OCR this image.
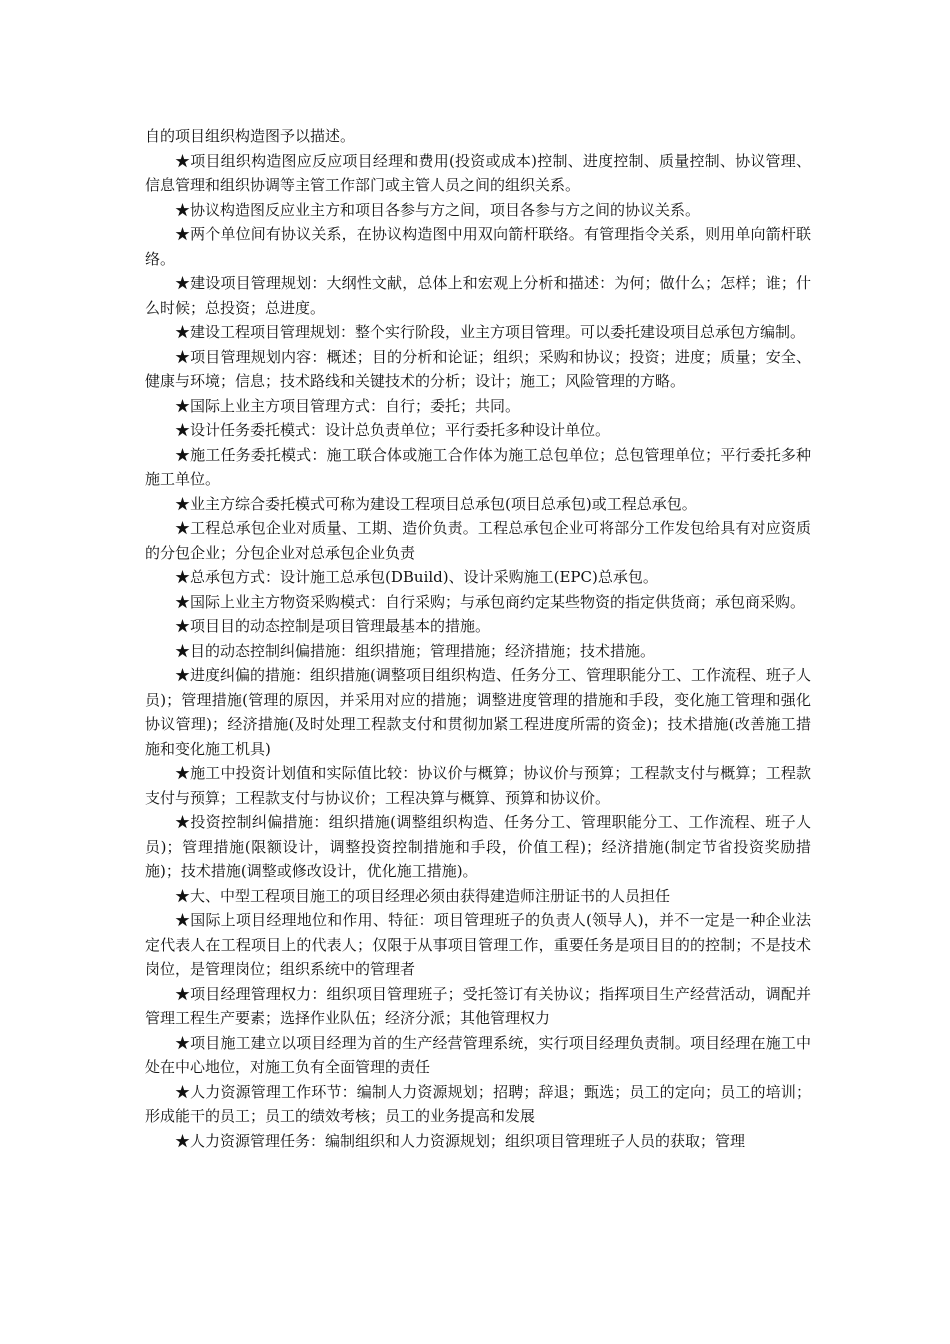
自的项目组织构造图予以描述。

★项目组织构造图应反应项目经理和费用(投资或成本)控制、进度控制、质量控制、协议管理、信息管理和组织协调等主管工作部门或主管人员之间的组织关系。

★协议构造图反应业主方和项目各参与方之间，项目各参与方之间的协议关系。

★两个单位间有协议关系，在协议构造图中用双向箭杆联络。有管理指令关系，则用单向箭杆联络。

★建设项目管理规划：大纲性文献，总体上和宏观上分析和描述：为何；做什么；怎样；谁；什么时候；总投资；总进度。

★建设工程项目管理规划：整个实行阶段，业主方项目管理。可以委托建设项目总承包方编制。

★项目管理规划内容：概述；目的分析和论证；组织；采购和协议；投资；进度；质量；安全、健康与环境；信息；技术路线和关键技术的分析；设计；施工；风险管理的方略。

★国际上业主方项目管理方式：自行；委托；共同。

★设计任务委托模式：设计总负责单位；平行委托多种设计单位。

★施工任务委托模式：施工联合体或施工合作体为施工总包单位；总包管理单位；平行委托多种施工单位。

★业主方综合委托模式可称为建设工程项目总承包(项目总承包)或工程总承包。

★工程总承包企业对质量、工期、造价负责。工程总承包企业可将部分工作发包给具有对应资质的分包企业；分包企业对总承包企业负责

★总承包方式：设计施工总承包(DBuild)、设计采购施工(EPC)总承包。

★国际上业主方物资采购模式：自行采购；与承包商约定某些物资的指定供货商；承包商采购。

★项目目的动态控制是项目管理最基本的措施。

★目的动态控制纠偏措施：组织措施；管理措施；经济措施；技术措施。

★进度纠偏的措施：组织措施(调整项目组织构造、任务分工、管理职能分工、工作流程、班子人员)；管理措施(管理的原因，并采用对应的措施；调整进度管理的措施和手段，变化施工管理和强化协议管理)；经济措施(及时处理工程款支付和贯彻加紧工程进度所需的资金)；技术措施(改善施工措施和变化施工机具)

★施工中投资计划值和实际值比较：协议价与概算；协议价与预算；工程款支付与概算；工程款支付与预算；工程款支付与协议价；工程决算与概算、预算和协议价。

★投资控制纠偏措施：组织措施(调整组织构造、任务分工、管理职能分工、工作流程、班子人员)；管理措施(限额设计，调整投资控制措施和手段，价值工程)；经济措施(制定节省投资奖励措施)；技术措施(调整或修改设计，优化施工措施)。

★大、中型工程项目施工的项目经理必须由获得建造师注册证书的人员担任

★国际上项目经理地位和作用、特征：项目管理班子的负责人(领导人)，并不一定是一种企业法定代表人在工程项目上的代表人；仅限于从事项目管理工作，重要任务是项目目的的控制；不是技术岗位，是管理岗位；组织系统中的管理者

★项目经理管理权力：组织项目管理班子；受托签订有关协议；指挥项目生产经营活动，调配并管理工程生产要素；选择作业队伍；经济分派；其他管理权力

★项目施工建立以项目经理为首的生产经营管理系统，实行项目经理负责制。项目经理在施工中处在中心地位，对施工负有全面管理的责任

★人力资源管理工作环节：编制人力资源规划；招聘；辞退；甄选；员工的定向；员工的培训；形成能干的员工；员工的绩效考核；员工的业务提高和发展

★人力资源管理任务：编制组织和人力资源规划；组织项目管理班子人员的获取；管理
